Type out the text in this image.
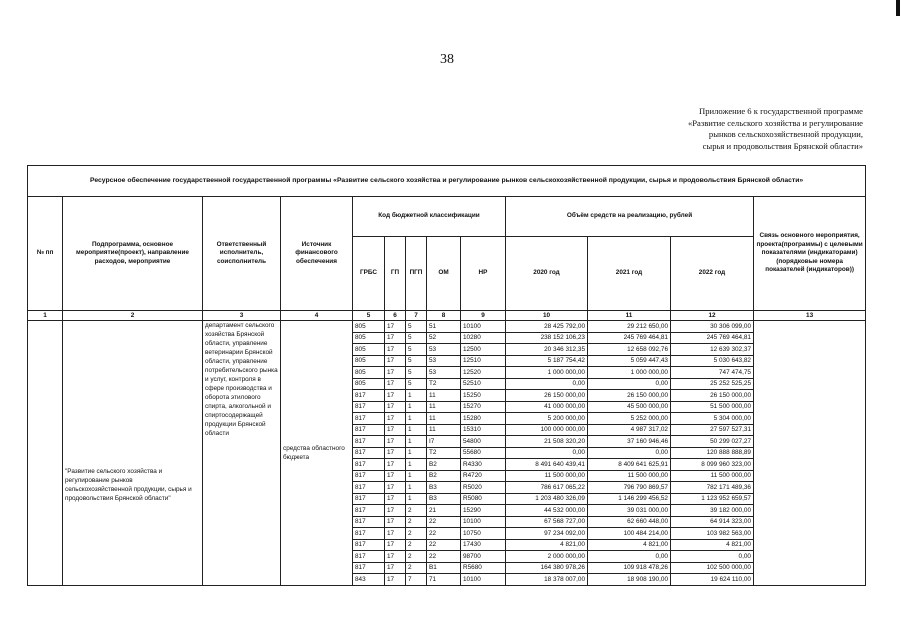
38
Приложение 6 к государственной программе
«Развитие сельского хозяйства и регулирование
рынков сельскохозяйственной продукции,
сырья и продовольствия Брянской области»
Ресурсное обеспечение государственной государственной программы «Развитие сельского хозяйства и регулирование рынков сельскохозяйственной продукции, сырья и продовольствия Брянской области»												
№ пп	Подпрограмма, основное мероприятие(проект), направление расходов, мероприятие	Ответственный исполнитель, соисполнитель	Источник финансового обеспечения	Код бюджетной классификации					Объём средств на реализацию, рублей			Связь основного мероприятия, проекта(программы) с целевыми показателями (индикаторами) (порядковые номера показателей (индикаторов))
				ГРБС	ГП	ПГП	ОМ	НР	2020 год	2021 год	2022 год	
1	2	3	4	5	6	7	8	9	10	11	12	13
	"Развитие сельского хозяйства и регулирование рынков сельскохозяйственной продукции, сырья и продовольствия Брянской области"	департамент сельского хозяйства Брянской области, управление ветеринарии Брянской области, управление потребительского рынка и услуг, контроля в сфере производства и оборота этилового спирта, алкогольной и спиртосодержащей продукции Брянской области	средства областного бюджета	805	17	5	51	10100	28 425 792,00	29 212 650,00	30 306 099,00	
				805	17	5	52	10280	238 152 106,23	245 769 464,81	245 769 464,81	
				805	17	5	53	12500	20 346 312,35	12 658 092,76	12 639 302,37	
				805	17	5	53	12510	5 187 754,42	5 059 447,43	5 030 643,82	
				805	17	5	53	12520	1 000 000,00	1 000 000,00	747 474,75	
				805	17	5	T2	52510	0,00	0,00	25 252 525,25	
				817	17	1	11	15250	26 150 000,00	26 150 000,00	26 150 000,00	
				817	17	1	11	15270	41 000 000,00	45 500 000,00	51 500 000,00	
				817	17	1	11	15280	5 200 000,00	5 252 000,00	5 304 000,00	
				817	17	1	11	15310	100 000 000,00	4 987 317,02	27 597 527,31	
				817	17	1	I7	54800	21 508 320,20	37 160 946,46	50 299 027,27	
				817	17	1	T2	55680	0,00	0,00	120 888 888,89	
				817	17	1	B2	R4330	8 491 640 439,41	8 409 641 625,91	8 099 960 323,00	
				817	17	1	B2	R4720	11 500 000,00	11 500 000,00	11 500 000,00	
				817	17	1	B3	R5020	786 617 065,22	796 790 869,57	782 171 489,36	
				817	17	1	B3	R5080	1 203 480 326,09	1 146 299 456,52	1 123 952 659,57	
				817	17	2	21	15290	44 532 000,00	39 031 000,00	39 182 000,00	
				817	17	2	22	10100	67 568 727,00	62 660 448,00	64 914 323,00	
				817	17	2	22	10750	97 234 092,00	100 484 214,00	103 982 563,00	
				817	17	2	22	17430	4 821,00	4 821,00	4 821,00	
				817	17	2	22	98700	2 000 000,00	0,00	0,00	
				817	17	2	B1	R5680	164 380 978,26	109 918 478,26	102 500 000,00	
				843	17	7	71	10100	18 378 007,00	18 908 190,00	19 624 110,00	
